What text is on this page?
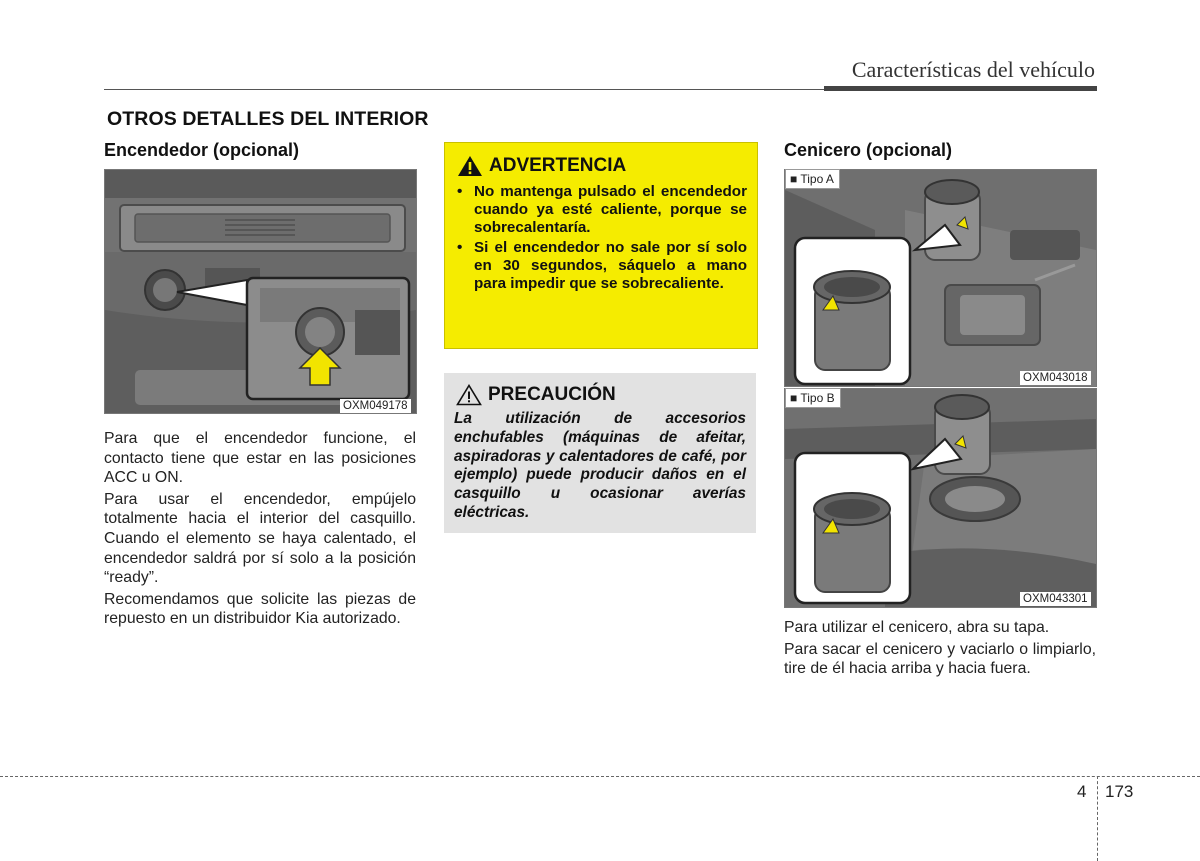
Características del vehículo
OTROS DETALLES DEL INTERIOR
Encendedor (opcional)
OXM049178

Para que el encendedor funcione, el contacto tiene que estar en las posiciones ACC u ON.

Para usar el encendedor, empújelo totalmente hacia el interior del casquillo. Cuando el elemento se haya calentado, el encendedor saldrá por sí solo a la posición “ready”.

Recomendamos que solicite las piezas de repuesto en un distribuidor Kia autorizado.

ADVERTENCIA
• No mantenga pulsado el encendedor cuando ya esté caliente, porque se sobrecalentaría.
• Si el encendedor no sale por sí solo en 30 segundos, sáquelo a mano para impedir que se sobrecaliente.
PRECAUCIÓN
La utilización de accesorios enchufables (máquinas de afeitar, aspiradoras y calentadores de café, por ejemplo) puede producir daños en el casquillo u ocasionar averías eléctricas.
Cenicero (opcional)
■ Tipo A
OXM043018
■ Tipo B
OXM043301

Para utilizar el cenicero, abra su tapa.

Para sacar el cenicero y vaciarlo o limpiarlo, tire de él hacia arriba y hacia fuera.

4 173
